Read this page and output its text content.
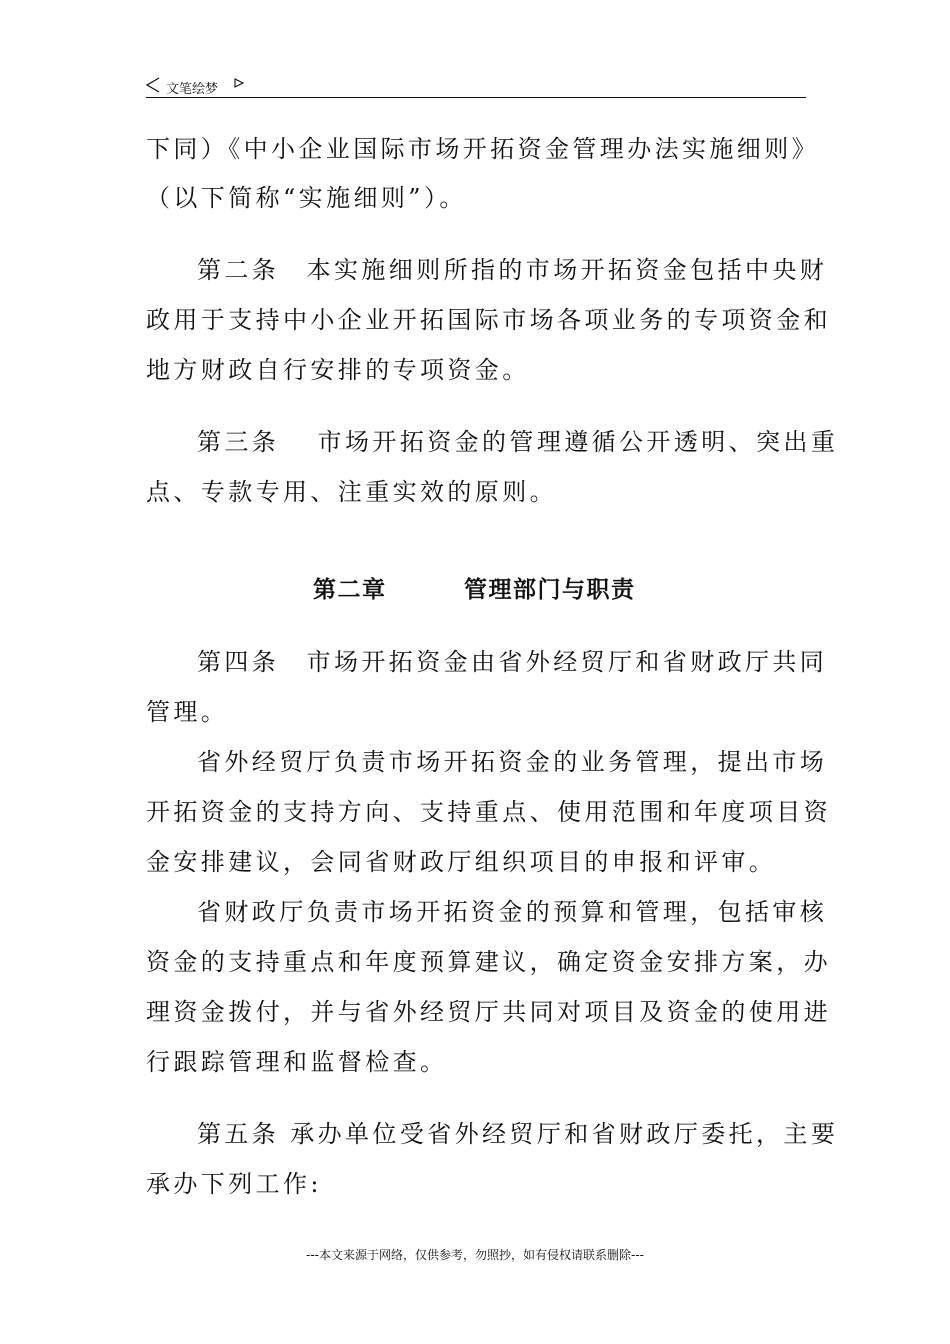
文笔绘梦
下同）《中小企业国际市场开拓资金管理办法实施细则》
（以下简称“实施细则”）。
第二条　本实施细则所指的市场开拓资金包括中央财
政用于支持中小企业开拓国际市场各项业务的专项资金和
地方财政自行安排的专项资金。
第三条　 市场开拓资金的管理遵循公开透明、突出重
点、专款专用、注重实效的原则。
第二章	管理部门与职责
第四条　市场开拓资金由省外经贸厅和省财政厅共同
管理。
省外经贸厅负责市场开拓资金的业务管理，提出市场
开拓资金的支持方向、支持重点、使用范围和年度项目资
金安排建议，会同省财政厅组织项目的申报和评审。
省财政厅负责市场开拓资金的预算和管理，包括审核
资金的支持重点和年度预算建议，确定资金安排方案，办
理资金拨付，并与省外经贸厅共同对项目及资金的使用进
行跟踪管理和监督检查。
第五条 承办单位受省外经贸厅和省财政厅委托，主要
承办下列工作:
---本文来源于网络，仅供参考，勿照抄，如有侵权请联系删除---
